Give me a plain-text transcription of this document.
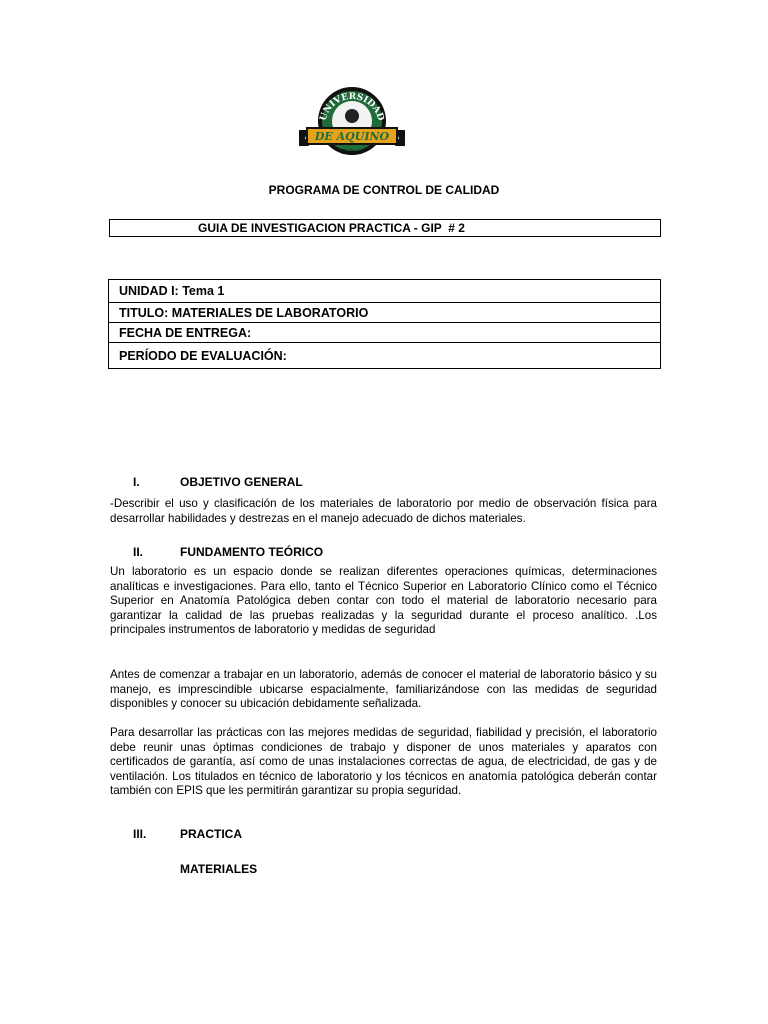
UNIVERSIDAD
DE AQUINO
Bolivia
PROGRAMA DE CONTROL DE CALIDAD
GUIA DE INVESTIGACION PRACTICA - GIP  # 2
UNIDAD I: Tema 1
TITULO: MATERIALES DE LABORATORIO
FECHA DE ENTREGA:
PERÍODO DE EVALUACIÓN:
I.	OBJETIVO GENERAL
-Describir el uso y clasificación de los materiales de laboratorio por medio de observación física para desarrollar habilidades y destrezas en el manejo adecuado de dichos materiales.
II.	FUNDAMENTO TEÓRICO
Un laboratorio es un espacio donde se realizan diferentes operaciones químicas, determinaciones analíticas e investigaciones. Para ello, tanto el Técnico Superior en Laboratorio Clínico como el Técnico Superior en Anatomía Patológica deben contar con todo el material de laboratorio necesario para garantizar la calidad de las pruebas realizadas y la seguridad durante el proceso analítico. .Los principales instrumentos de laboratorio y medidas de seguridad
Antes de comenzar a trabajar en un laboratorio, además de conocer el material de laboratorio básico y su manejo, es imprescindible ubicarse espacialmente, familiarizándose con las medidas de seguridad disponibles y conocer su ubicación debidamente señalizada.
Para desarrollar las prácticas con las mejores medidas de seguridad, fiabilidad y precisión, el laboratorio debe reunir unas óptimas condiciones de trabajo y disponer de unos materiales y aparatos con certificados de garantía, así como de unas instalaciones correctas de agua, de electricidad, de gas y de ventilación. Los titulados en técnico de laboratorio y los técnicos en anatomía patológica deberán contar también con EPIS que les permitirán garantizar su propia seguridad.
III.	PRACTICA
MATERIALES
